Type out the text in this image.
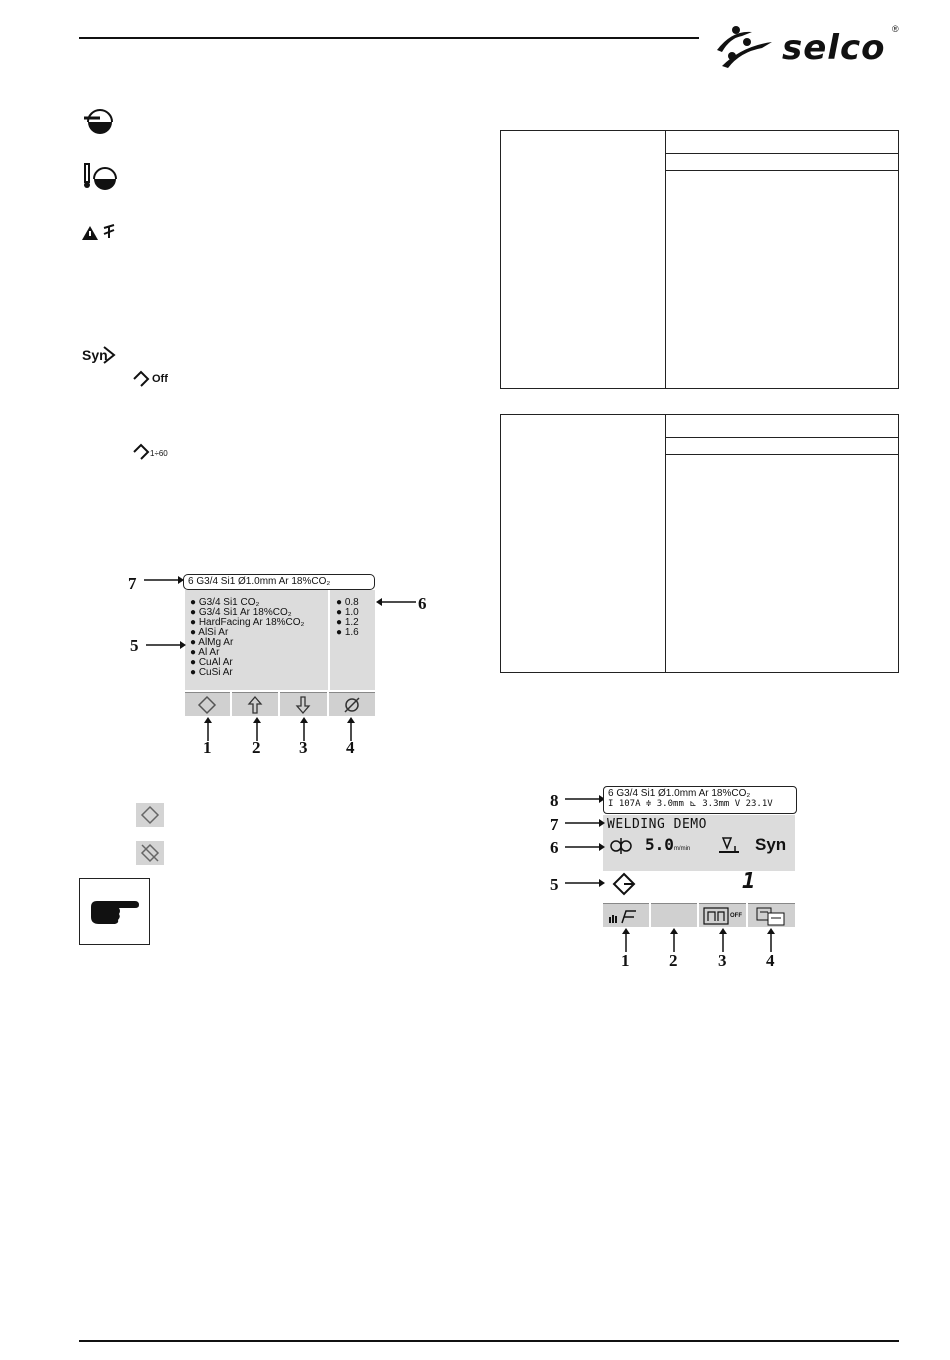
selco ®
Syn
Off
1÷60
7	6 G3/4 Si1 Ø1.0mm Ar 18%CO₂
● G3/4 Si1 CO₂
● G3/4 Si1 Ar 18%CO₂
● HardFacing Ar 18%CO₂
● AlSi Ar
● AlMg Ar
● Al Ar
● CuAl Ar
● CuSi Ar
● 0.8
● 1.0
● 1.2
● 1.6
5
6
1 2 3 4
8	6 G3/4 Si1 Ø1.0mm Ar 18%CO₂
I 107A ≑ 3.0mm ⊾ 3.3mm V 23.1V
WELDING DEMO
7
6	5.0m/min	Syn
5	1
OFF
1 2 3 4
